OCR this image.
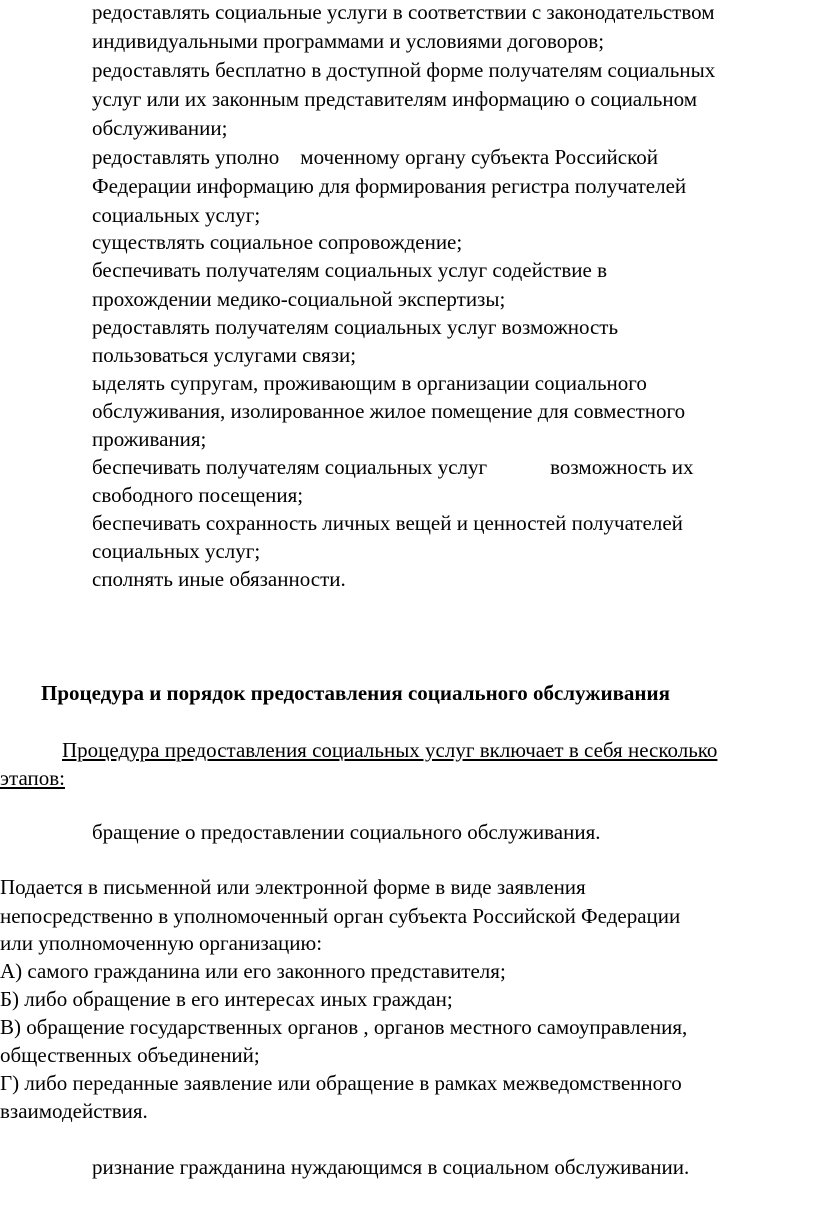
редоставлять социальные услуги в соответствии с законодательством
индивидуальными программами и условиями договоров;
редоставлять бесплатно в доступной форме получателям социальных
услуг или их законным представителям информацию о социальном
обслуживании;
редоставлять уполно    моченному органу субъекта Российской
Федерации информацию для формирования регистра получателей
социальных услуг;
существлять социальное сопровождение;
беспечивать получателям социальных услуг содействие в
прохождении медико-социальной экспертизы;
редоставлять получателям социальных услуг возможность
пользоваться услугами связи;
ыделять супругам, проживающим в организации социального
обслуживания, изолированное жилое помещение для совместного
проживания;
беспечивать получателям социальных услуг            возможность их
свободного посещения;
беспечивать сохранность личных вещей и ценностей получателей
социальных услуг;
сполнять иные обязанности.
Процедура и порядок предоставления социального обслуживания
Процедура предоставления социальных услуг включает в себя несколько
этапов:
бращение о предоставлении социального обслуживания.
Подается в письменной или электронной форме в виде заявления
непосредственно в уполномоченный орган субъекта Российской Федерации
или уполномоченную организацию:
А) самого гражданина или его законного представителя;
Б) либо обращение в его интересах иных граждан;
В) обращение государственных органов , органов местного самоуправления,
общественных объединений;
Г) либо переданные заявление или обращение в рамках межведомственного
взаимодействия.
ризнание гражданина нуждающимся в социальном обслуживании.
